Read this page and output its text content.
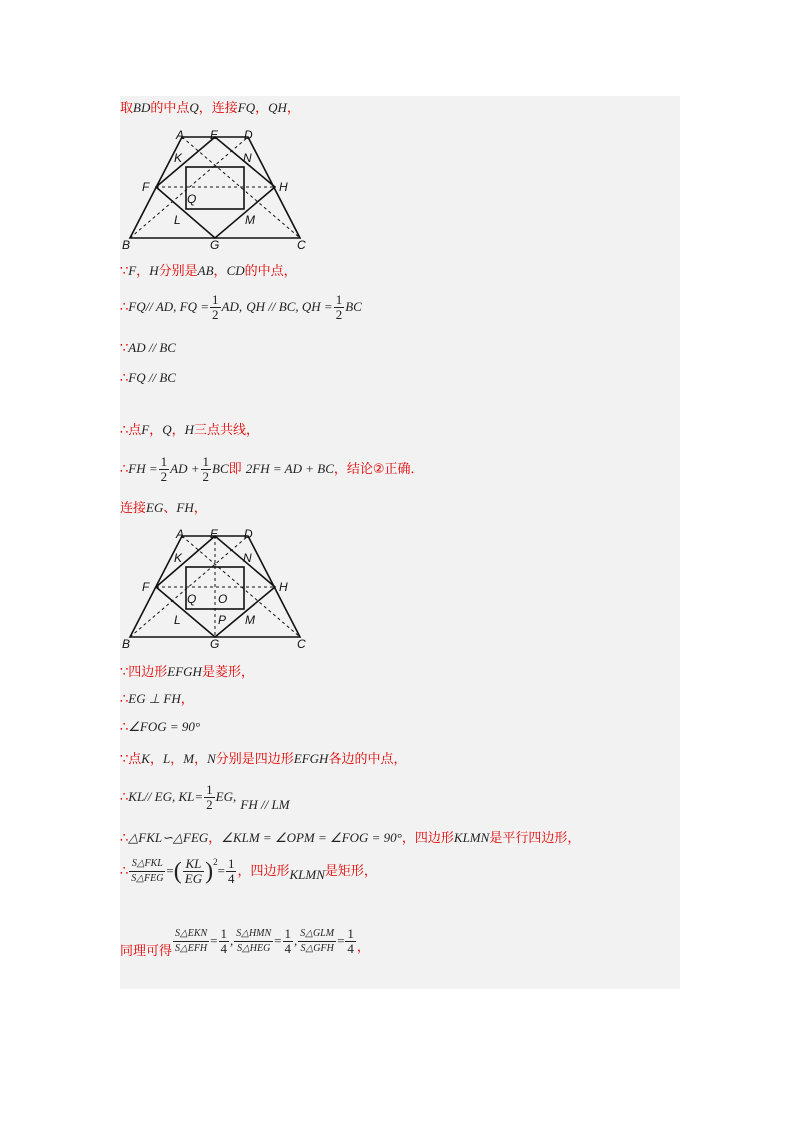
取BD的中点Q，连接FQ，QH，
A E D
K	N
F	H
Q
L	M
B	G	C
∵F，H分别是AB，CD的中点，
∴FQ// AD, FQ = $\frac{1}{2}$ AD, QH // BC, QH = $\frac{1}{2}$ BC
∵AD // BC
∴FQ // BC
∴点F，Q，H三点共线，
∴FH = $\frac{1}{2}$ AD + $\frac{1}{2}$ BC即 2FH = AD + BC，结论②正确．
连接EG、FH，
A E D
K	N
F	H
Q O
L	P M
B	G	C
∵四边形EFGH是菱形，
∴EG ⊥ FH，
∴∠FOG = 90°
∵点K，L，M，N分别是四边形EFGH各边的中点，
∴KL// EG, $KL= \frac{1}{2}$ EG, FH // LM
∴△FKL∽△FEG，∠KLM = ∠OPM = ∠FOG = 90°，四边形KLMN是平行四边形，
∴ $\frac{\text{S△FKL}}{\text{S△FEG}}$ =( $\frac{KL}{EG} )^2= \frac{1}{4}$ ，四边形KLMN是矩形，
同理可得 $\frac{\text{S△EKN}}{\text{S△EFH}} = \frac{1}{4}$ , $\frac{\text{S△HMN}}{\text{S△HEG}} = \frac{1}{4}$ , $\frac{\text{S△GLM}}{\text{S△GFH}} = \frac{1}{4}$ ，
